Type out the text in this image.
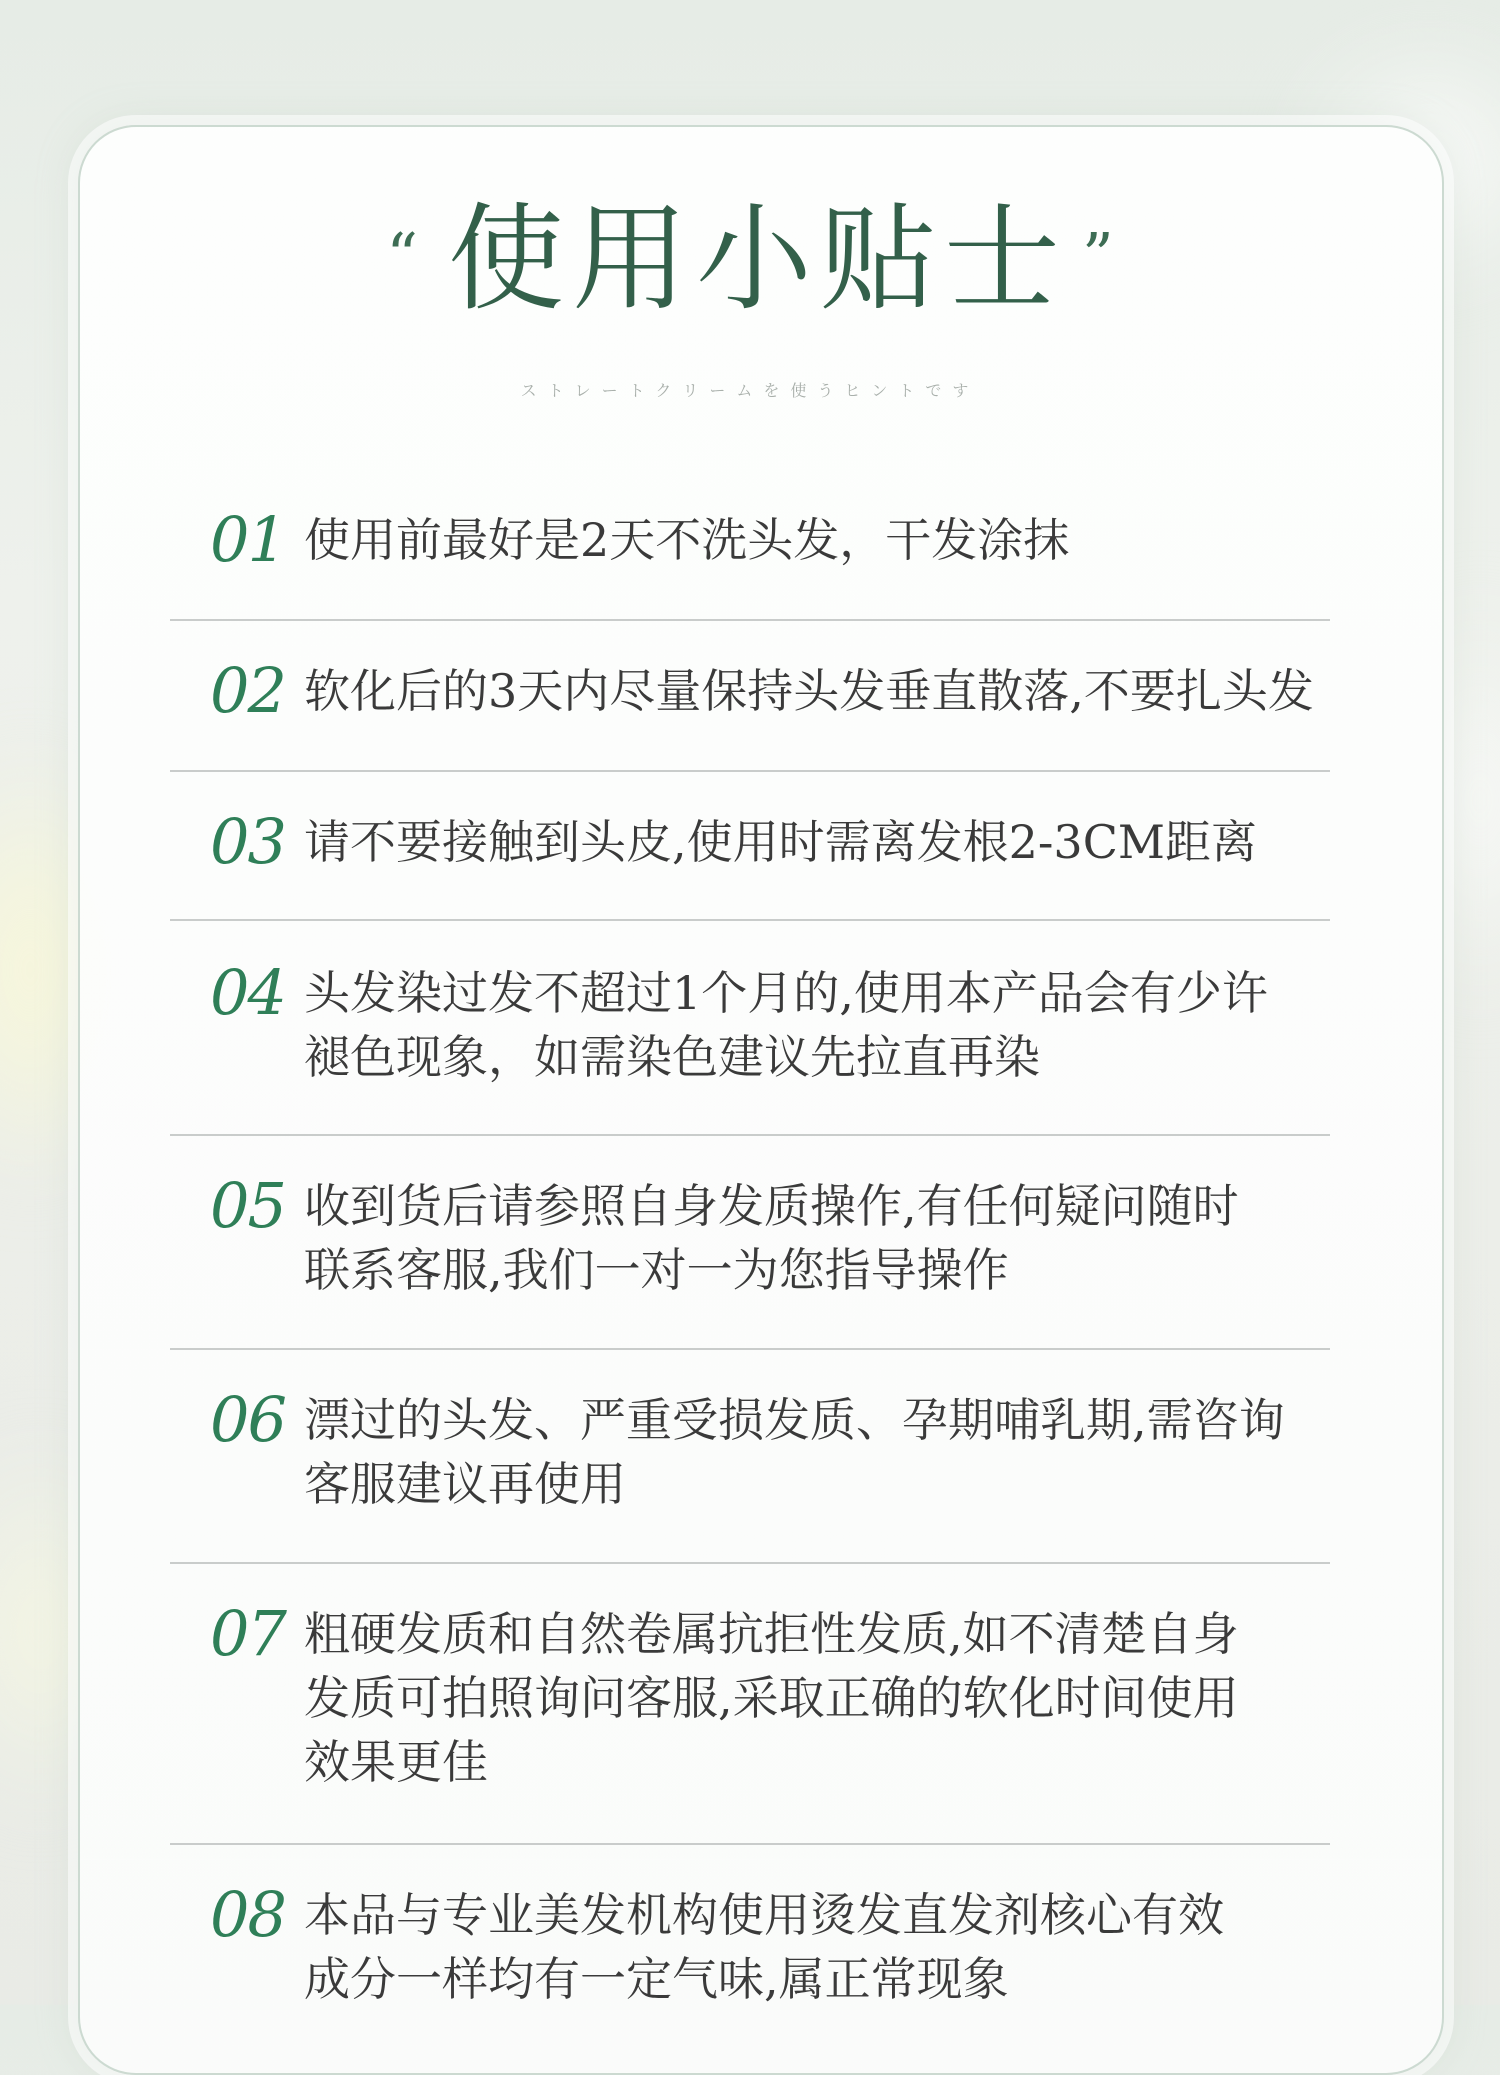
“ 使用小贴士 ”
ストレートクリームを使うヒントです
01 使用前最好是2天不洗头发，干发涂抹
02 软化后的3天内尽量保持头发垂直散落,不要扎头发
03 请不要接触到头皮,使用时需离发根2-3CM距离
04 头发染过发不超过1个月的,使用本产品会有少许
褪色现象，如需染色建议先拉直再染
05 收到货后请参照自身发质操作,有任何疑问随时
联系客服,我们一对一为您指导操作
06 漂过的头发、严重受损发质、孕期哺乳期,需咨询
客服建议再使用
07 粗硬发质和自然卷属抗拒性发质,如不清楚自身
发质可拍照询问客服,采取正确的软化时间使用
效果更佳
08 本品与专业美发机构使用烫发直发剂核心有效
成分一样均有一定气味,属正常现象
